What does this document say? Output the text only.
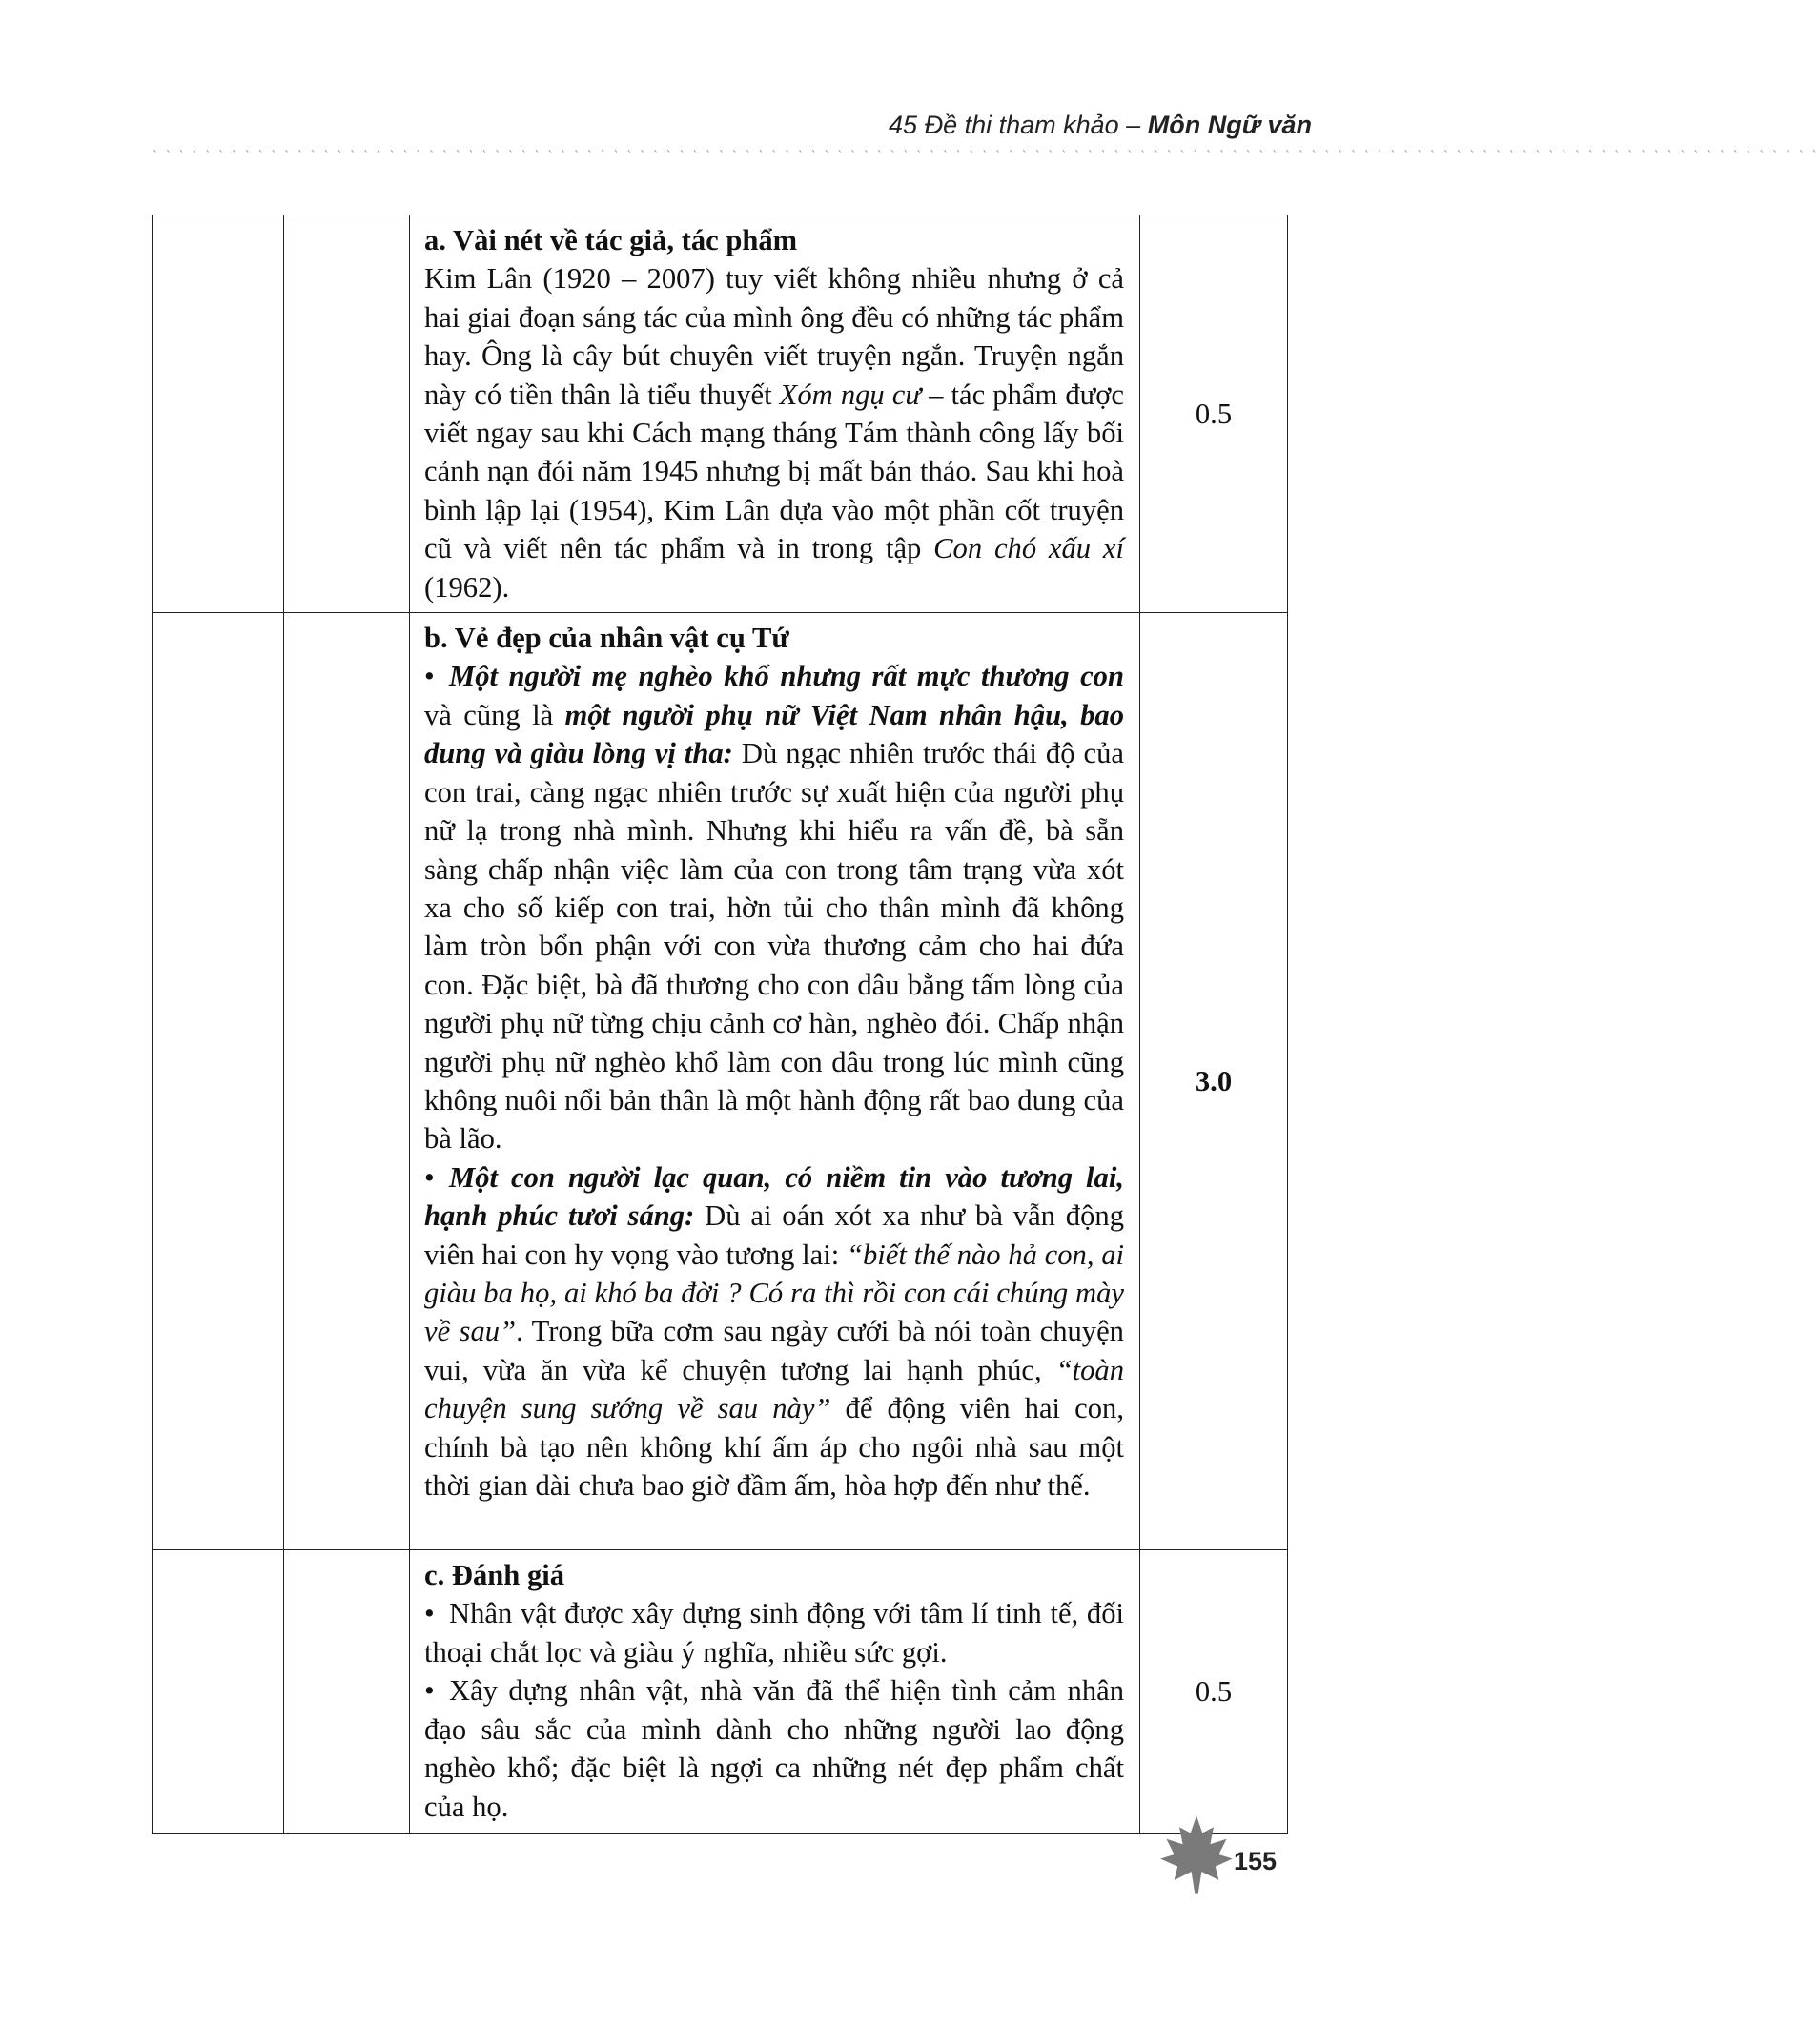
45 Đề thi tham khảo – Môn Ngữ văn
` ` ` ` ` ` ` ` ` ` ` ` ` ` ` ` ` ` ` ` ` ` ` ` ` ` ` ` ` ` ` ` ` ` ` ` ` ` ` ` ` ` ` ` ` ` ` ` ` ` ` ` ` ` ` ` ` ` ` ` ` ` ` ` ` ` ` ` ` ` ` ` ` ` ` ` ` ` ` ` ` ` ` ` ` ` ` ` ` ` ` ` ` ` ` ` ` ` ` ` ` ` ` ` ` ` ` ` ` ` ` ` ` ` ` ` ` ` ` ` ` ` ` ` ` ` `

		a. Vài nét về tác giả, tác phẩm

Kim Lân (1920 – 2007) tuy viết không nhiều nhưng ở cả hai giai đoạn sáng tác của mình ông đều có những tác phẩm hay. Ông là cây bút chuyên viết truyện ngắn. Truyện ngắn này có tiền thân là tiểu thuyết Xóm ngụ cư – tác phẩm được viết ngay sau khi Cách mạng tháng Tám thành công lấy bối cảnh nạn đói năm 1945 nhưng bị mất bản thảo. Sau khi hoà bình lập lại (1954), Kim Lân dựa vào một phần cốt truyện cũ và viết nên tác phẩm và in trong tập Con chó xấu xí (1962).	0.5

		b. Vẻ đẹp của nhân vật cụ Tứ

• Một người mẹ nghèo khổ nhưng rất mực thương con và cũng là một người phụ nữ Việt Nam nhân hậu, bao dung và giàu lòng vị tha: Dù ngạc nhiên trước thái độ của con trai, càng ngạc nhiên trước sự xuất hiện của người phụ nữ lạ trong nhà mình. Nhưng khi hiểu ra vấn đề, bà sẵn sàng chấp nhận việc làm của con trong tâm trạng vừa xót xa cho số kiếp con trai, hờn tủi cho thân mình đã không làm tròn bổn phận với con vừa thương cảm cho hai đứa con. Đặc biệt, bà đã thương cho con dâu bằng tấm lòng của người phụ nữ từng chịu cảnh cơ hàn, nghèo đói. Chấp nhận người phụ nữ nghèo khổ làm con dâu trong lúc mình cũng không nuôi nổi bản thân là một hành động rất bao dung của bà lão.

• Một con người lạc quan, có niềm tin vào tương lai, hạnh phúc tươi sáng: Dù ai oán xót xa như bà vẫn động viên hai con hy vọng vào tương lai: “biết thế nào hả con, ai giàu ba họ, ai khó ba đời ? Có ra thì rồi con cái chúng mày về sau”. Trong bữa cơm sau ngày cưới bà nói toàn chuyện vui, vừa ăn vừa kể chuyện tương lai hạnh phúc, “toàn chuyện sung sướng về sau này” để động viên hai con, chính bà tạo nên không khí ấm áp cho ngôi nhà sau một thời gian dài chưa bao giờ đầm ấm, hòa hợp đến như thế.	3.0

		c. Đánh giá

• Nhân vật được xây dựng sinh động với tâm lí tinh tế, đối thoại chắt lọc và giàu ý nghĩa, nhiều sức gợi.

• Xây dựng nhân vật, nhà văn đã thể hiện tình cảm nhân đạo sâu sắc của mình dành cho những người lao động nghèo khổ; đặc biệt là ngợi ca những nét đẹp phẩm chất của họ.	0.5
155
